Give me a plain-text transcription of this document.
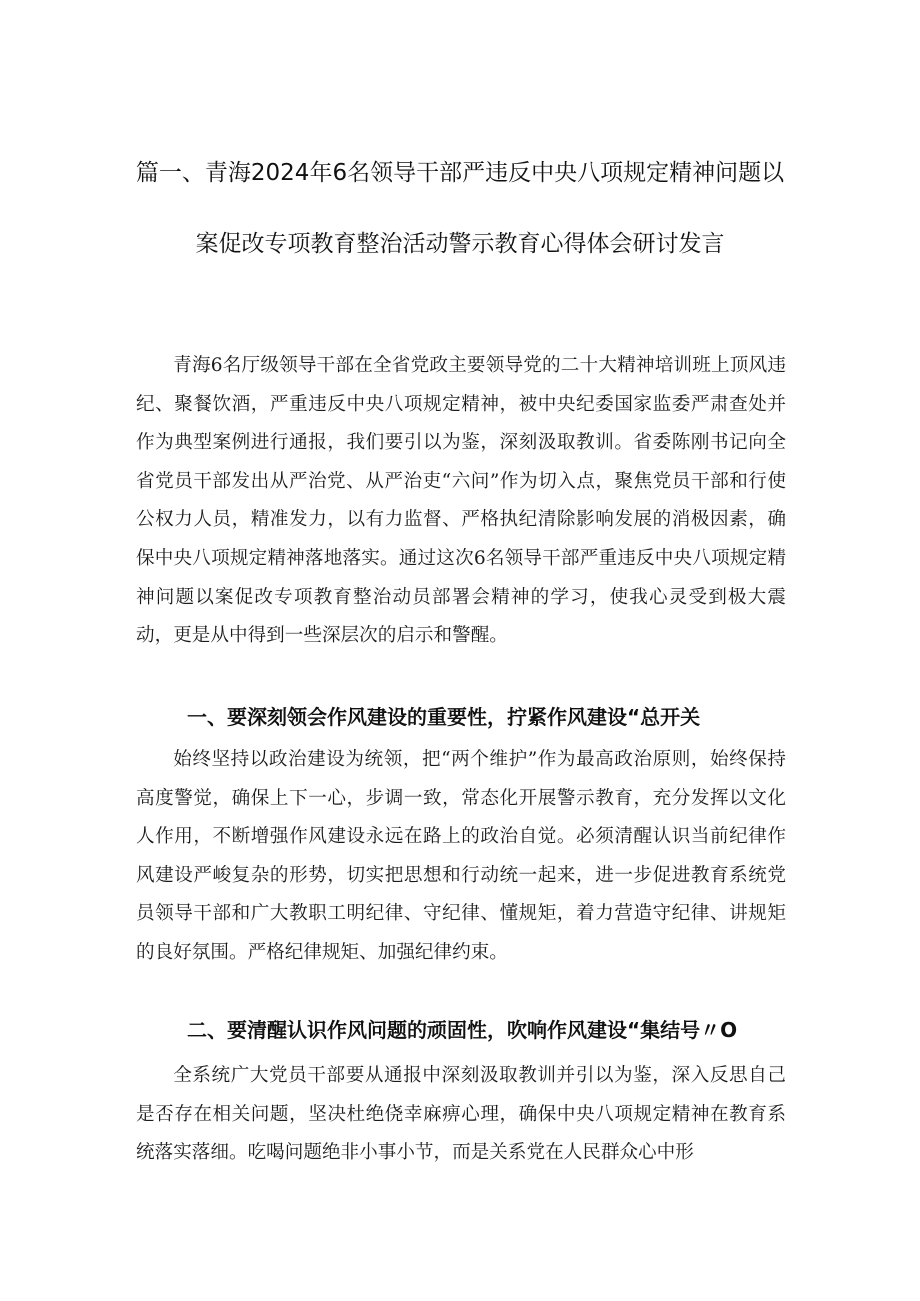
篇一、青海2024年6名领导干部严违反中央八项规定精神问题以
案促改专项教育整治活动警示教育心得体会研讨发言

青海6名厅级领导干部在全省党政主要领导党的二十大精神培训班上顶风违纪、聚餐饮酒，严重违反中央八项规定精神，被中央纪委国家监委严肃查处并作为典型案例进行通报，我们要引以为鉴，深刻汲取教训。省委陈刚书记向全省党员干部发出从严治党、从严治吏“六问”作为切入点，聚焦党员干部和行使公权力人员，精准发力，以有力监督、严格执纪清除影响发展的消极因素，确保中央八项规定精神落地落实。通过这次6名领导干部严重违反中央八项规定精神问题以案促改专项教育整治动员部署会精神的学习，使我心灵受到极大震动，更是从中得到一些深层次的启示和警醒。

一、要深刻领会作风建设的重要性，拧紧作风建设“总开关

始终坚持以政治建设为统领，把“两个维护”作为最高政治原则，始终保持高度警觉，确保上下一心，步调一致，常态化开展警示教育，充分发挥以文化人作用，不断增强作风建设永远在路上的政治自觉。必须清醒认识当前纪律作风建设严峻复杂的形势，切实把思想和行动统一起来，进一步促进教育系统党员领导干部和广大教职工明纪律、守纪律、懂规矩，着力营造守纪律、讲规矩的良好氛围。严格纪律规矩、加强纪律约束。

二、要清醒认识作风问题的顽固性，吹响作风建设“集结号〃O

全系统广大党员干部要从通报中深刻汲取教训并引以为鉴，深入反思自己是否存在相关问题，坚决杜绝侥幸麻痹心理，确保中央八项规定精神在教育系统落实落细。吃喝问题绝非小事小节，而是关系党在人民群众心中形
